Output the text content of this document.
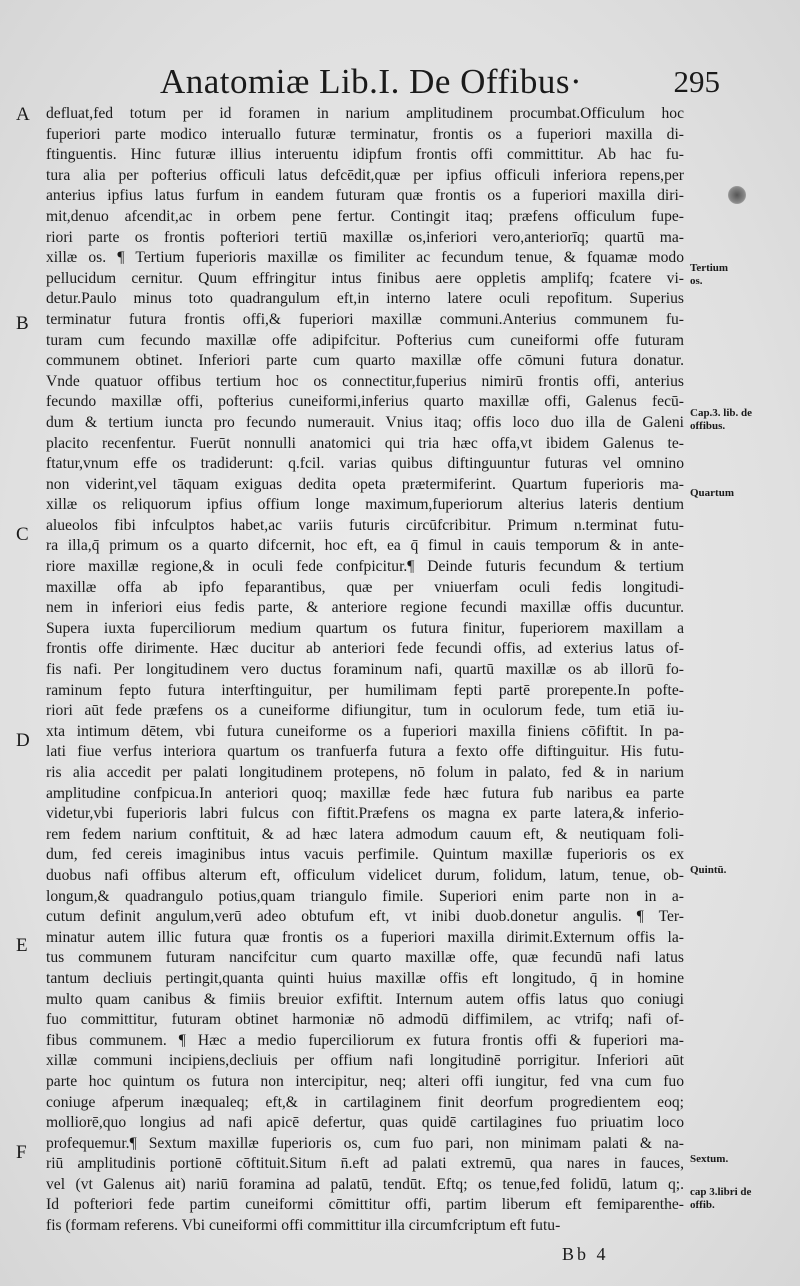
Anatomiæ Lib.I. De Offibus·	295
A
B
C
D
E
F
Tertium os.
Cap.3. lib. de offibus.
Quartum
Quintū.
Sextum.
cap 3.libri de offib.
defluat,fed totum per id foramen in narium amplitudinem procumbat.Officulum hoc
fuperiori parte modico interuallo futuræ terminatur, frontis os a fuperiori maxilla di-
ftinguentis. Hinc futuræ illius interuentu idipfum frontis offi committitur. Ab hac fu-
tura alia per pofterius officuli latus defcēdit,quæ per ipfius officuli inferiora repens,per
anterius ipfius latus furfum in eandem futuram quæ frontis os a fuperiori maxilla diri-
mit,denuo afcendit,ac in orbem pene fertur. Contingit itaq; præfens officulum fupe-
riori parte os frontis pofteriori tertiū maxillæ os,inferiori vero,anteriorīq; quartū ma-
xillæ os. ¶ Tertium fuperioris maxillæ os fimiliter ac fecundum tenue, & fquamæ modo
pellucidum cernitur. Quum effringitur intus finibus aere oppletis amplifq; fcatere vi-
detur.Paulo minus toto quadrangulum eft,in interno latere oculi repofitum. Superius
terminatur futura frontis offi,& fuperiori maxillæ communi.Anterius communem fu-
turam cum fecundo maxillæ offe adipifcitur. Pofterius cum cuneiformi offe futuram
communem obtinet. Inferiori parte cum quarto maxillæ offe cōmuni futura donatur.
Vnde quatuor offibus tertium hoc os connectitur,fuperius nimirū frontis offi, anterius
fecundo maxillæ offi, pofterius cuneiformi,inferius quarto maxillæ offi, Galenus fecū-
dum & tertium iuncta pro fecundo numerauit. Vnius itaq; offis loco duo illa de Galeni
placito recenfentur. Fuerūt nonnulli anatomici qui tria hæc offa,vt ibidem Galenus te-
ftatur,vnum effe os tradiderunt: q.fcil. varias quibus diftinguuntur futuras vel omnino
non viderint,vel tāquam exiguas dedita opeta prætermiferint. Quartum fuperioris ma-
xillæ os reliquorum ipfius offium longe maximum,fuperiorum alterius lateris dentium
alueolos fibi infculptos habet,ac variis futuris circūfcribitur. Primum n.terminat futu-
ra illa,q̄ primum os a quarto difcernit, hoc eft, ea q̄ fimul in cauis temporum & in ante-
riore maxillæ regione,& in oculi fede confpicitur.¶ Deinde futuris fecundum & tertium
maxillæ offa ab ipfo feparantibus, quæ per vniuerfam oculi fedis longitudi-
nem in inferiori eius fedis parte, & anteriore regione fecundi maxillæ offis ducuntur.
Supera iuxta fuperciliorum medium quartum os futura finitur, fuperiorem maxillam a
frontis offe dirimente. Hæc ducitur ab anteriori fede fecundi offis, ad exterius latus of-
fis nafi. Per longitudinem vero ductus foraminum nafi, quartū maxillæ os ab illorū fo-
raminum fepto futura interftinguitur, per humilimam fepti partē prorepente.In pofte-
riori aūt fede præfens os a cuneiforme difiungitur, tum in oculorum fede, tum etiā iu-
xta intimum dētem, vbi futura cuneiforme os a fuperiori maxilla finiens cōfiftit. In pa-
lati fiue verfus interiora quartum os tranfuerfa futura a fexto offe diftinguitur. His futu-
ris alia accedit per palati longitudinem protepens, nō folum in palato, fed & in narium
amplitudine confpicua.In anteriori quoq; maxillæ fede hæc futura fub naribus ea parte
videtur,vbi fuperioris labri fulcus con fiftit.Præfens os magna ex parte latera,& inferio-
rem fedem narium conftituit, & ad hæc latera admodum cauum eft, & neutiquam foli-
dum, fed cereis imaginibus intus vacuis perfimile. Quintum maxillæ fuperioris os ex
duobus nafi offibus alterum eft, officulum videlicet durum, folidum, latum, tenue, ob-
longum,& quadrangulo potius,quam triangulo fimile. Superiori enim parte non in a-
cutum definit angulum,verū adeo obtufum eft, vt inibi duob.donetur angulis. ¶ Ter-
minatur autem illic futura quæ frontis os a fuperiori maxilla dirimit.Externum offis la-
tus communem futuram nancifcitur cum quarto maxillæ offe, quæ fecundū nafi latus
tantum decliuis pertingit,quanta quinti huius maxillæ offis eft longitudo, q̄ in homine
multo quam canibus & fimiis breuior exfiftit. Internum autem offis latus quo coniugi
fuo committitur, futuram obtinet harmoniæ nō admodū diffimilem, ac vtrifq; nafi of-
fibus communem. ¶ Hæc a medio fuperciliorum ex futura frontis offi & fuperiori ma-
xillæ communi incipiens,decliuis per offium nafi longitudinē porrigitur. Inferiori aūt
parte hoc quintum os futura non intercipitur, neq; alteri offi iungitur, fed vna cum fuo
coniuge afperum inæqualeq; eft,& in cartilaginem finit deorfum progredientem eoq;
molliorē,quo longius ad nafi apicē defertur, quas quidē cartilagines fuo priuatim loco
profequemur.¶ Sextum maxillæ fuperioris os, cum fuo pari, non minimam palati & na-
riū amplitudinis portionē cōftituit.Situm n̄.eft ad palati extremū, qua nares in fauces,
vel (vt Galenus ait) nariū foramina ad palatū, tendūt. Eftq; os tenue,fed folidū, latum q;.
Id pofteriori fede partim cuneiformi cōmittitur offi, partim liberum eft femiparenthe-
fis (formam referens. Vbi cuneiformi offi committitur illa circumfcriptum eft futu-
Bb 4
